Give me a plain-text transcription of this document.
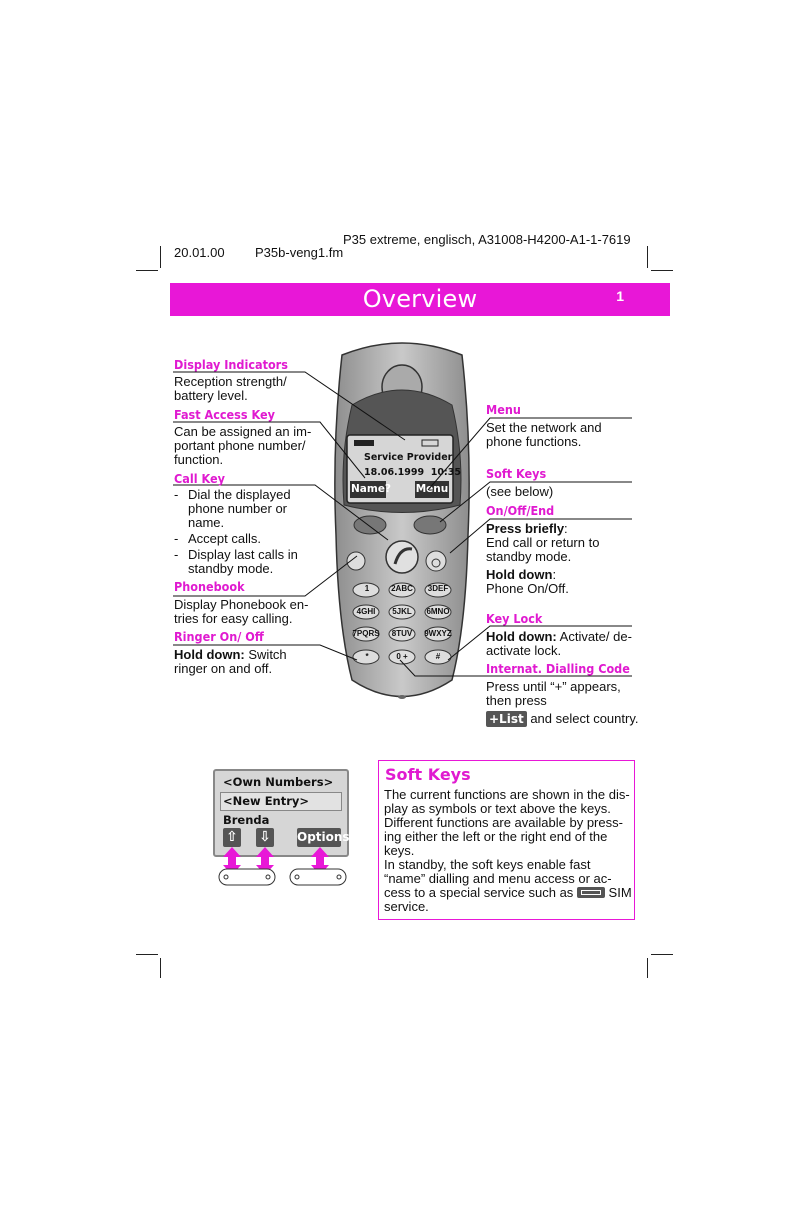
P35 extreme, englisch, A31008-H4200-A1-1-7619
20.01.00 P35b-veng1.fm
Overview	1
Service Provider
18.06.1999  10:35
Name? Menu
1	2ABC	3DEF
4GHI	5JKL	6MNO
7PQRS	8TUV	9WXYZ
*	0 +	#
Display Indicators
Reception strength/
battery level.
Fast Access Key
Can be assigned an im-
portant phone number/
function.
Call Key
- Dial the displayed phone number or name.
- Accept calls.
- Display last calls in standby mode.
Phonebook
Display Phonebook en-
tries for easy calling.
Ringer On/ Off
Hold down: Switch
ringer on and off.
Menu
Set the network and
phone functions.
Soft Keys
(see below)
On/Off/End
Press briefly:
End call or return to
standby mode.
Hold down:
Phone On/Off.
Key Lock
Hold down: Activate/ de-
activate lock.
Internat. Dialling Code
Press until “+” appears,
then press
+List and select country.
<Own Numbers>
<New Entry>
Brenda
⇧ ⇩ Options
Soft Keys
The current functions are shown in the dis-
play as symbols or text above the keys.
Different functions are available by press-
ing either the left or the right end of the
keys.
In standby, the soft keys enable fast
“name” dialling and menu access or ac-
cess to a special service such as
SIM
service.
